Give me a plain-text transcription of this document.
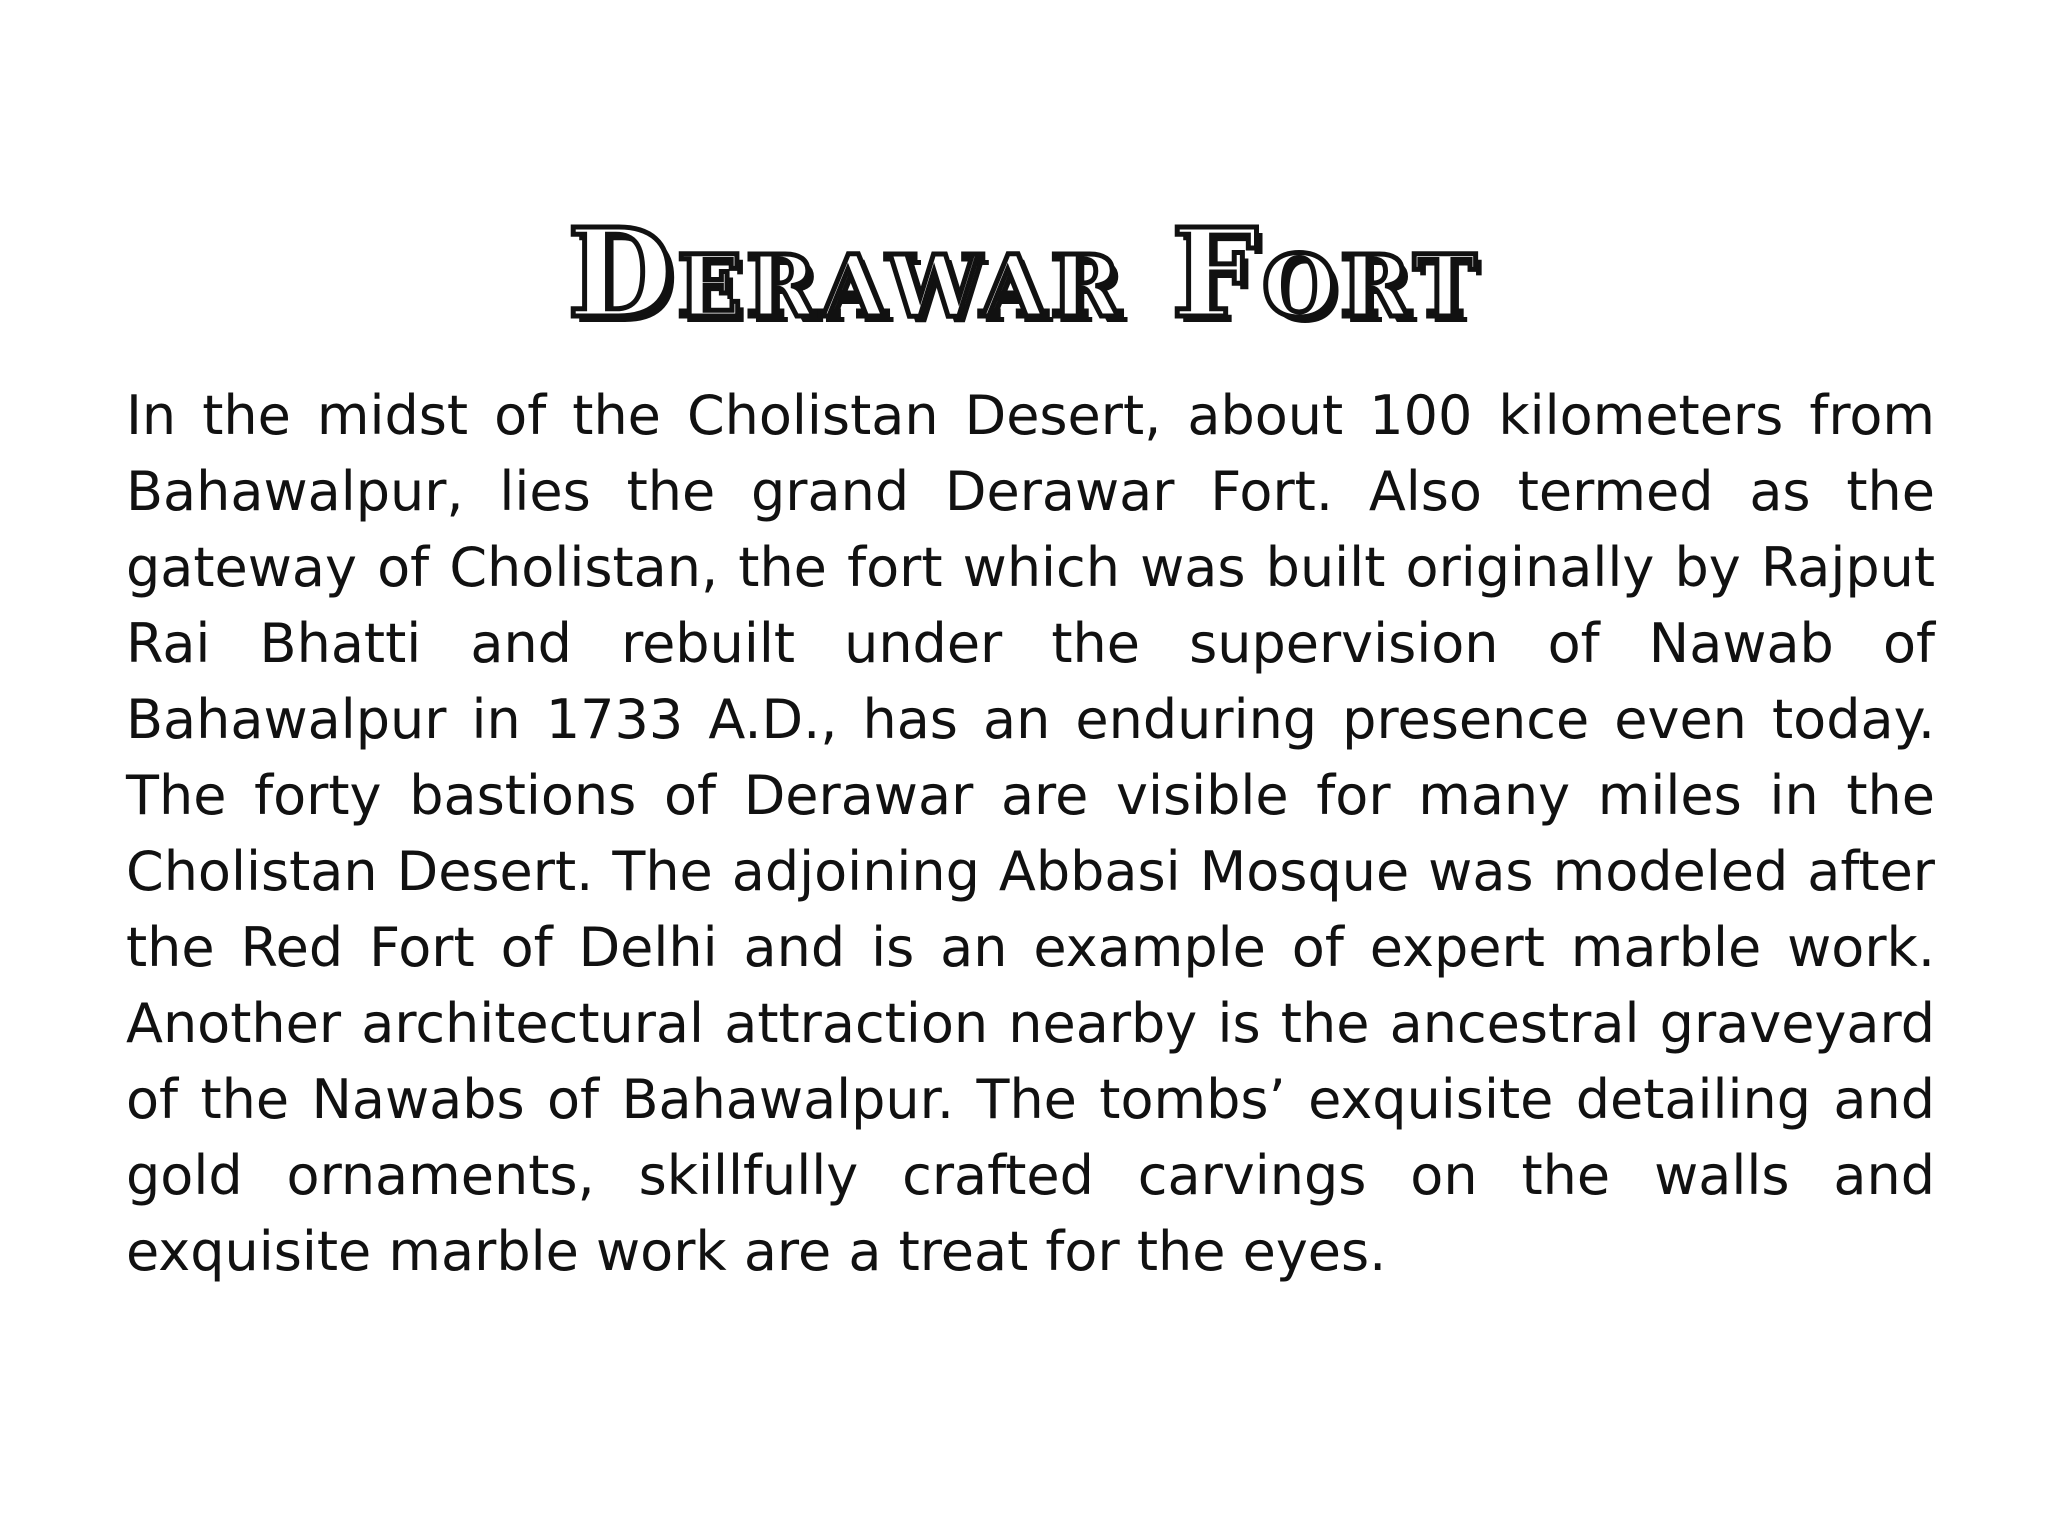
Derawar Fort

In the midst of the Cholistan Desert, about 100 kilometers from Bahawalpur, lies the grand Derawar Fort. Also termed as the gateway of Cholistan, the fort which was built originally by Rajput Rai Bhatti and rebuilt under the supervision of Nawab of Bahawalpur in 1733 A.D., has an enduring presence even today. The forty bastions of Derawar are visible for many miles in the Cholistan Desert. The adjoining Abbasi Mosque was modeled after the Red Fort of Delhi and is an example of expert marble work. Another architectural attraction nearby is the ancestral graveyard of the Nawabs of Bahawalpur. The tombs’ exquisite detailing and gold ornaments, skillfully crafted carvings on the walls and exquisite marble work are a treat for the eyes.
